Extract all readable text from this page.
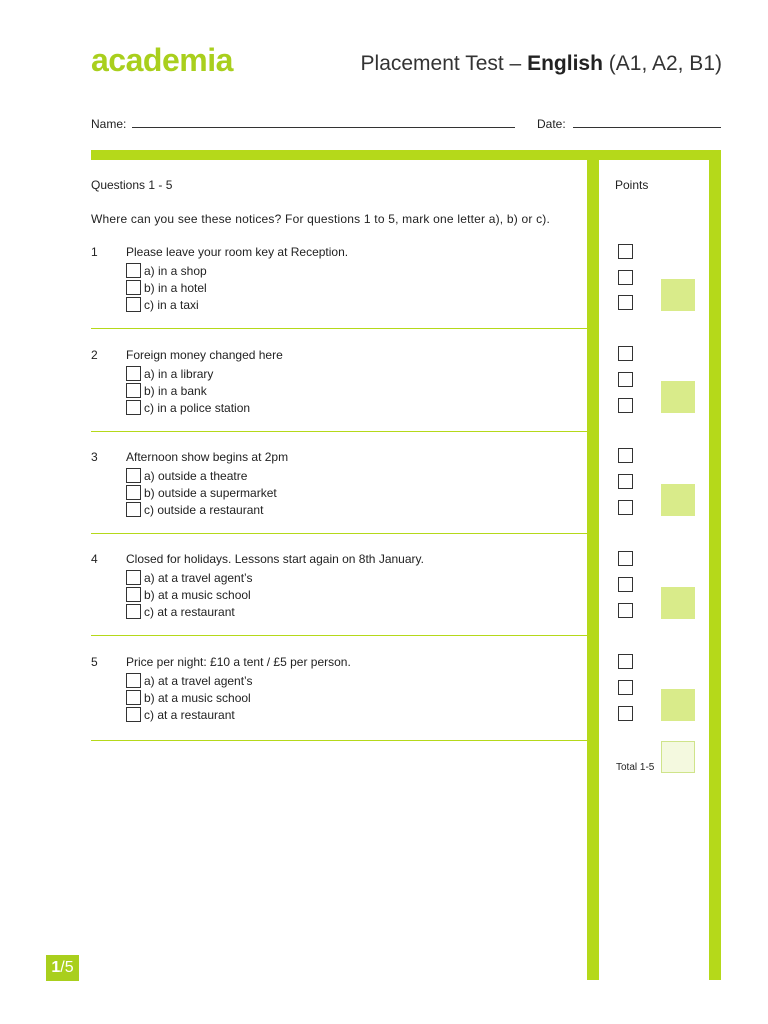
academia	Placement Test – English (A1, A2, B1)
Name:	Date:
Questions 1 - 5	Points
Where can you see these notices? For questions 1 to 5, mark one letter a), b) or c).
1 Please leave your room key at Reception.
a) in a shop
b) in a hotel
c) in a taxi
2 Foreign money changed here
a) in a library
b) in a bank
c) in a police station
3 Afternoon show begins at 2pm
a) outside a theatre
b) outside a supermarket
c) outside a restaurant
4 Closed for holidays. Lessons start again on 8th January.
a) at a travel agent’s
b) at a music school
c) at a restaurant
5 Price per night: £10 a tent / £5 per person.
a) at a travel agent’s
b) at a music school
c) at a restaurant
Total 1-5
1/5
